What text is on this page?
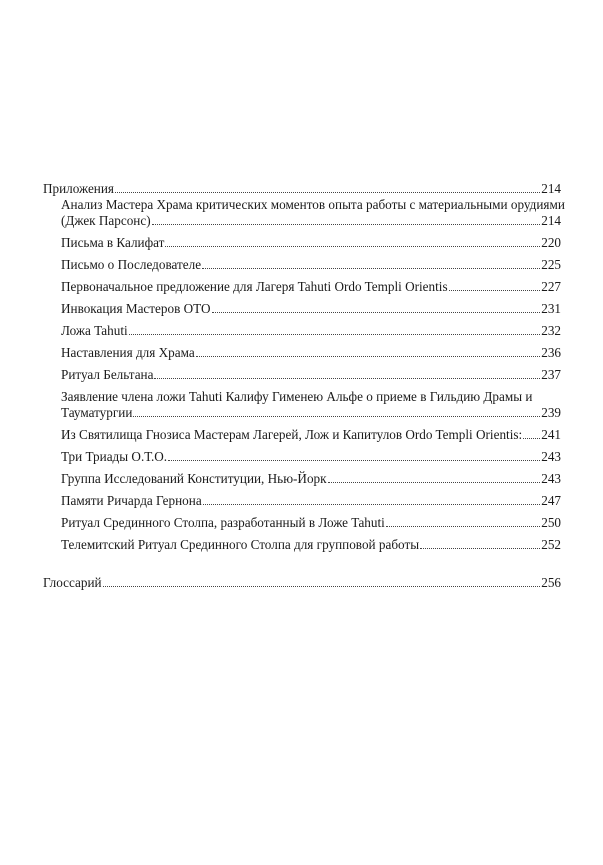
Приложения	214
Анализ Мастера Храма критических моментов опыта работы с материальными орудиями
(Джек Парсонс)	214
Письма в Калифат	220
Письмо о Последователе	225
Первоначальное предложение для Лагеря Tahuti Ordo Templi Orientis	227
Инвокация Мастеров ОТО	231
Ложа Tahuti	232
Наставления для Храма	236
Ритуал Бельтана	237
Заявление члена ложи Tahuti Калифу Гименею Альфе о приеме в Гильдию Драмы и
Тауматургии	239
Из Святилища Гнозиса Мастерам Лагерей, Лож и Капитулов Ordo Templi Orientis: 241
Три Триады О.Т.О.	243
Группа Исследований Конституции, Нью-Йорк	243
Памяти Ричарда Гернона	247
Ритуал Срединного Столпа, разработанный в Ложе Tahuti	250
Телемитский Ритуал Срединного Столпа для групповой работы	252
Глоссарий	256
